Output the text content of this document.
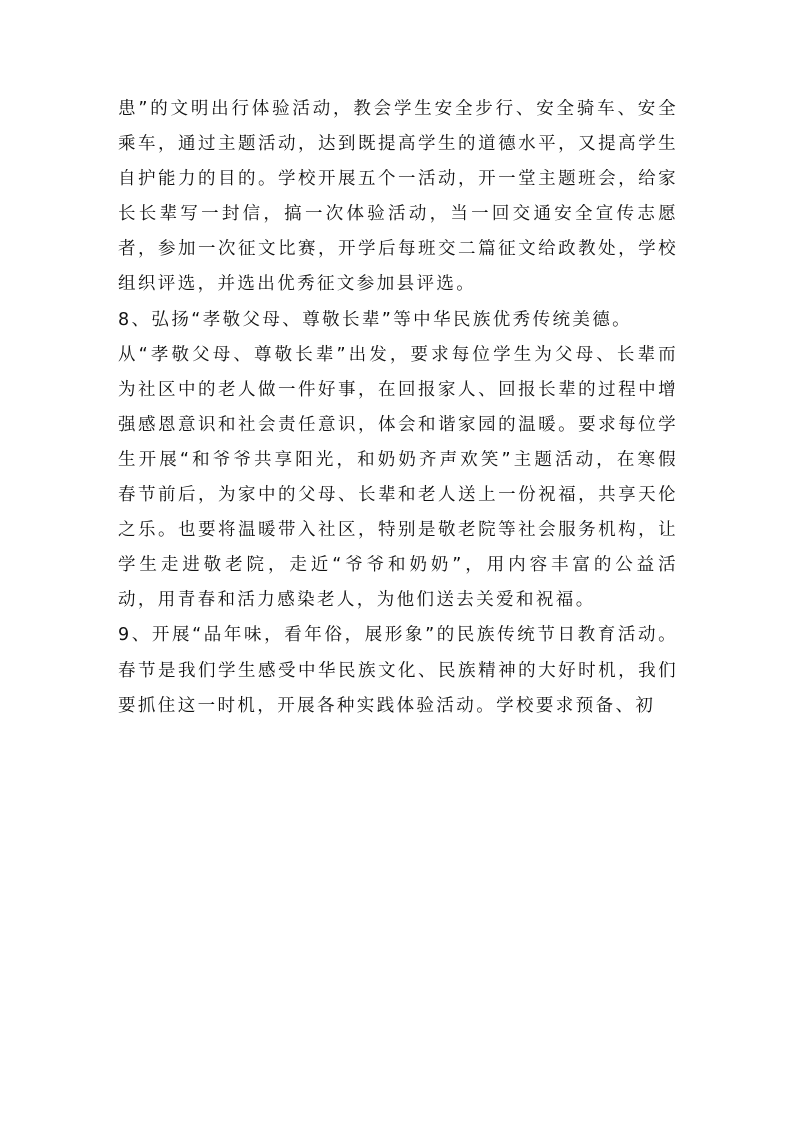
患”的文明出行体验活动，教会学生安全步行、安全骑车、安全乘车，通过主题活动，达到既提高学生的道德水平，又提高学生自护能力的目的。学校开展五个一活动，开一堂主题班会，给家长长辈写一封信，搞一次体验活动，当一回交通安全宣传志愿者，参加一次征文比赛，开学后每班交二篇征文给政教处，学校组织评选，并选出优秀征文参加县评选。

8、弘扬“孝敬父母、尊敬长辈”等中华民族优秀传统美德。

从“孝敬父母、尊敬长辈”出发，要求每位学生为父母、长辈而为社区中的老人做一件好事，在回报家人、回报长辈的过程中增强感恩意识和社会责任意识，体会和谐家园的温暖。要求每位学生开展“和爷爷共享阳光，和奶奶齐声欢笑”主题活动，在寒假春节前后，为家中的父母、长辈和老人送上一份祝福，共享天伦之乐。也要将温暖带入社区，特别是敬老院等社会服务机构，让学生走进敬老院，走近“爷爷和奶奶”，用内容丰富的公益活动，用青春和活力感染老人，为他们送去关爱和祝福。

9、开展“品年味，看年俗，展形象”的民族传统节日教育活动。春节是我们学生感受中华民族文化、民族精神的大好时机，我们要抓住这一时机，开展各种实践体验活动。学校要求预备、初
